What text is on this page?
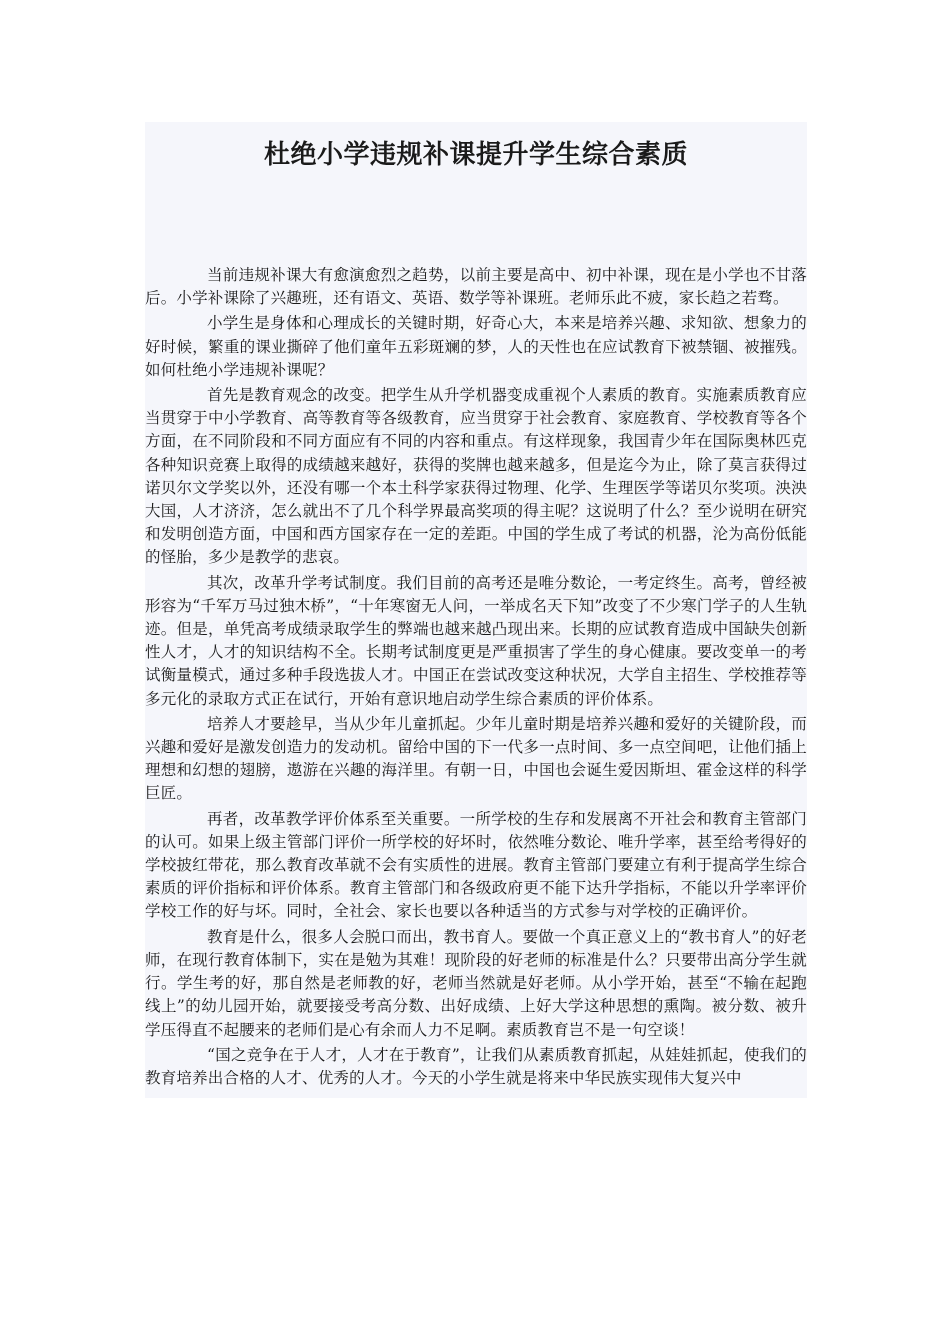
杜绝小学违规补课提升学生综合素质

当前违规补课大有愈演愈烈之趋势，以前主要是高中、初中补课，现在是小学也不甘落后。小学补课除了兴趣班，还有语文、英语、数学等补课班。老师乐此不疲，家长趋之若骛。

小学生是身体和心理成长的关键时期，好奇心大，本来是培养兴趣、求知欲、想象力的好时候，繁重的课业撕碎了他们童年五彩斑斓的梦，人的天性也在应试教育下被禁锢、被摧残。如何杜绝小学违规补课呢？

首先是教育观念的改变。把学生从升学机器变成重视个人素质的教育。实施素质教育应当贯穿于中小学教育、高等教育等各级教育，应当贯穿于社会教育、家庭教育、学校教育等各个方面，在不同阶段和不同方面应有不同的内容和重点。有这样现象，我国青少年在国际奥林匹克各种知识竞赛上取得的成绩越来越好，获得的奖牌也越来越多，但是迄今为止，除了莫言获得过诺贝尔文学奖以外，还没有哪一个本土科学家获得过物理、化学、生理医学等诺贝尔奖项。泱泱大国，人才济济，怎么就出不了几个科学界最高奖项的得主呢？这说明了什么？至少说明在研究和发明创造方面，中国和西方国家存在一定的差距。中国的学生成了考试的机器，沦为高份低能的怪胎，多少是教学的悲哀。

其次，改革升学考试制度。我们目前的高考还是唯分数论，一考定终生。高考，曾经被形容为“千军万马过独木桥”，“十年寒窗无人问，一举成名天下知”改变了不少寒门学子的人生轨迹。但是，单凭高考成绩录取学生的弊端也越来越凸现出来。长期的应试教育造成中国缺失创新性人才，人才的知识结构不全。长期考试制度更是严重损害了学生的身心健康。要改变单一的考试衡量模式，通过多种手段选拔人才。中国正在尝试改变这种状况，大学自主招生、学校推荐等多元化的录取方式正在试行，开始有意识地启动学生综合素质的评价体系。

培养人才要趁早，当从少年儿童抓起。少年儿童时期是培养兴趣和爱好的关键阶段，而兴趣和爱好是激发创造力的发动机。留给中国的下一代多一点时间、多一点空间吧，让他们插上理想和幻想的翅膀，遨游在兴趣的海洋里。有朝一日，中国也会诞生爱因斯坦、霍金这样的科学巨匠。

再者，改革教学评价体系至关重要。一所学校的生存和发展离不开社会和教育主管部门的认可。如果上级主管部门评价一所学校的好坏时，依然唯分数论、唯升学率，甚至给考得好的学校披红带花，那么教育改革就不会有实质性的进展。教育主管部门要建立有利于提高学生综合素质的评价指标和评价体系。教育主管部门和各级政府更不能下达升学指标，不能以升学率评价学校工作的好与坏。同时，全社会、家长也要以各种适当的方式参与对学校的正确评价。

教育是什么，很多人会脱口而出，教书育人。要做一个真正意义上的“教书育人”的好老师，在现行教育体制下，实在是勉为其难！现阶段的好老师的标准是什么？只要带出高分学生就行。学生考的好，那自然是老师教的好，老师当然就是好老师。从小学开始，甚至“不输在起跑线上”的幼儿园开始，就要接受考高分数、出好成绩、上好大学这种思想的熏陶。被分数、被升学压得直不起腰来的老师们是心有余而人力不足啊。素质教育岂不是一句空谈！

“国之竞争在于人才，人才在于教育”，让我们从素质教育抓起，从娃娃抓起，使我们的教育培养出合格的人才、优秀的人才。今天的小学生就是将来中华民族实现伟大复兴中
